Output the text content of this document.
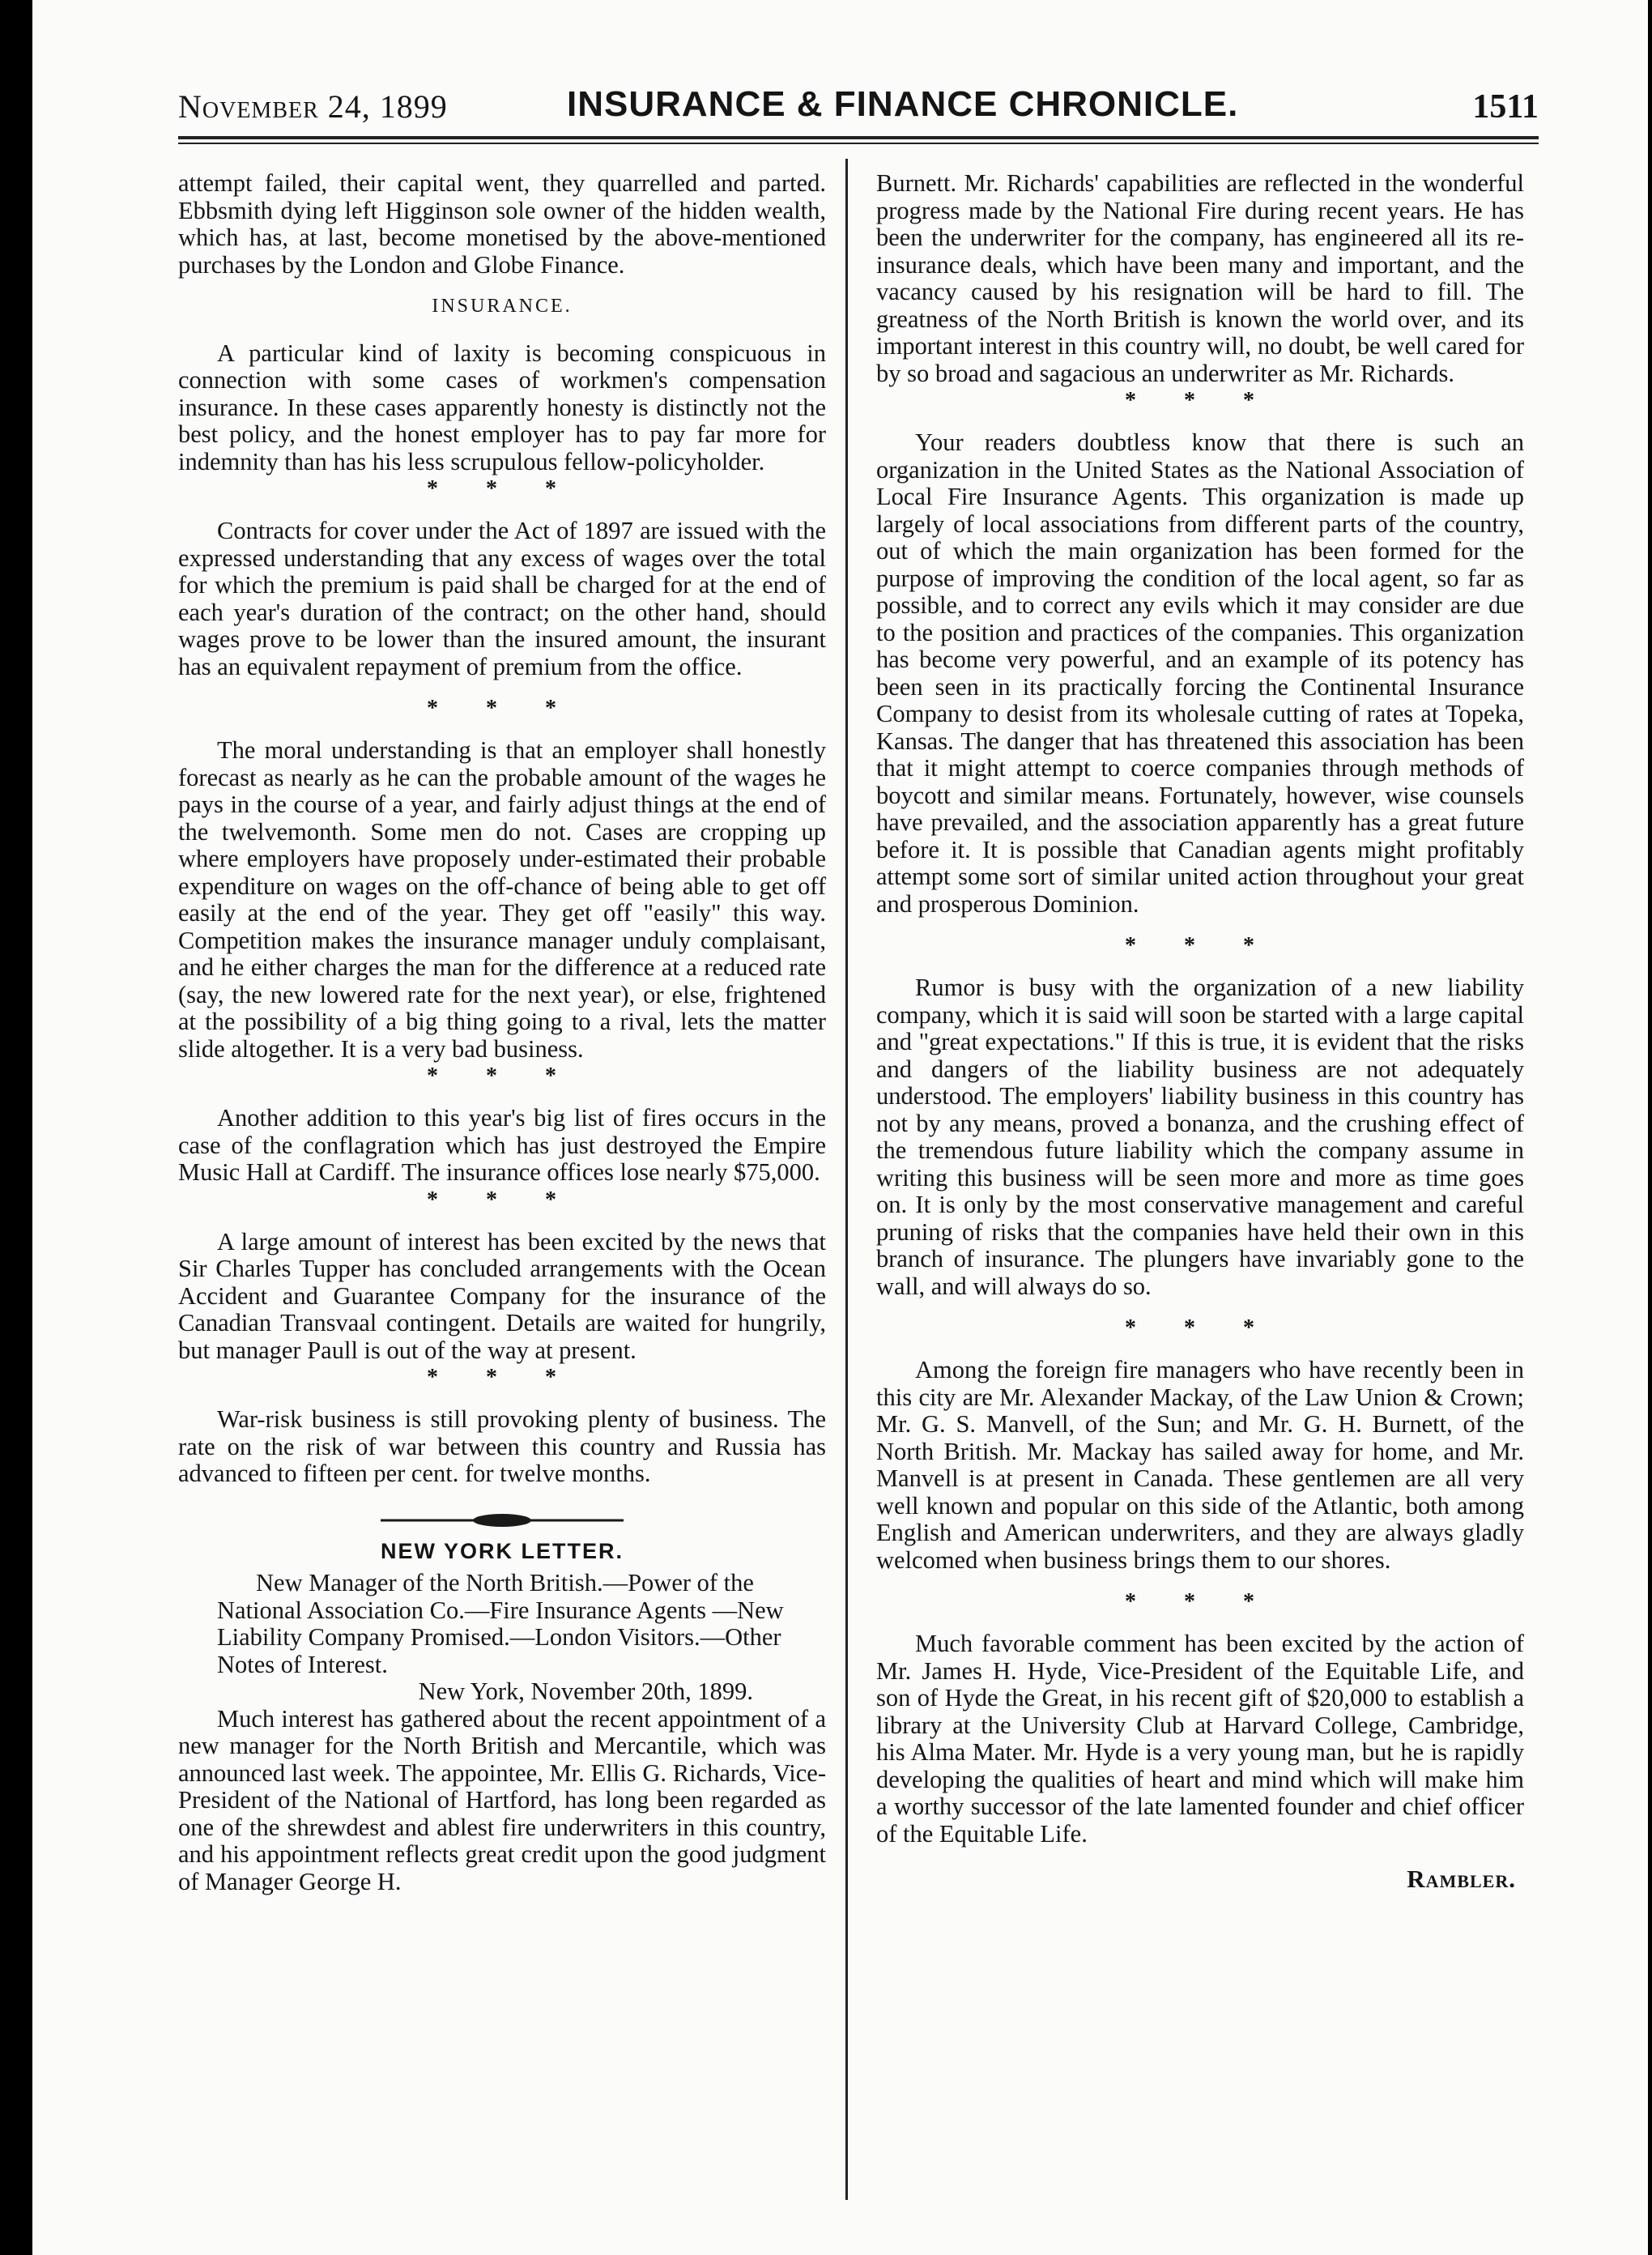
November 24, 1899	INSURANCE & FINANCE CHRONICLE.	1511

attempt failed, their capital went, they quarrelled and parted. Ebbsmith dying left Higginson sole owner of the hidden wealth, which has, at last, become monetised by the above-mentioned purchases by the London and Globe Finance.

INSURANCE.

A particular kind of laxity is becoming conspicuous in connection with some cases of workmen's compensation insurance. In these cases apparently honesty is distinctly not the best policy, and the honest employer has to pay far more for indemnity than has his less scrupulous fellow-policyholder.

* * *

Contracts for cover under the Act of 1897 are issued with the expressed understanding that any excess of wages over the total for which the premium is paid shall be charged for at the end of each year's duration of the contract; on the other hand, should wages prove to be lower than the insured amount, the insurant has an equivalent repayment of premium from the office.

* * *

The moral understanding is that an employer shall honestly forecast as nearly as he can the probable amount of the wages he pays in the course of a year, and fairly adjust things at the end of the twelvemonth. Some men do not. Cases are cropping up where employers have proposely under-estimated their probable expenditure on wages on the off-chance of being able to get off easily at the end of the year. They get off "easily" this way. Competition makes the insurance manager unduly complaisant, and he either charges the man for the difference at a reduced rate (say, the new lowered rate for the next year), or else, frightened at the possibility of a big thing going to a rival, lets the matter slide altogether. It is a very bad business.

* * *

Another addition to this year's big list of fires occurs in the case of the conflagration which has just destroyed the Empire Music Hall at Cardiff. The insurance offices lose nearly $75,000.

* * *

A large amount of interest has been excited by the news that Sir Charles Tupper has concluded arrangements with the Ocean Accident and Guarantee Company for the insurance of the Canadian Transvaal contingent. Details are waited for hungrily, but manager Paull is out of the way at present.

* * *

War-risk business is still provoking plenty of business. The rate on the risk of war between this country and Russia has advanced to fifteen per cent. for twelve months.

NEW YORK LETTER.

New Manager of the North British.—Power of the National Association Co.—Fire Insurance Agents —New Liability Company Promised.—London Visitors.—Other Notes of Interest.

New York, November 20th, 1899.

Much interest has gathered about the recent appointment of a new manager for the North British and Mercantile, which was announced last week. The appointee, Mr. Ellis G. Richards, Vice-President of the National of Hartford, has long been regarded as one of the shrewdest and ablest fire underwriters in this country, and his appointment reflects great credit upon the good judgment of Manager George H.

Burnett. Mr. Richards' capabilities are reflected in the wonderful progress made by the National Fire during recent years. He has been the underwriter for the company, has engineered all its re-insurance deals, which have been many and important, and the vacancy caused by his resignation will be hard to fill. The greatness of the North British is known the world over, and its important interest in this country will, no doubt, be well cared for by so broad and sagacious an underwriter as Mr. Richards.

* * *

Your readers doubtless know that there is such an organization in the United States as the National Association of Local Fire Insurance Agents. This organization is made up largely of local associations from different parts of the country, out of which the main organization has been formed for the purpose of improving the condition of the local agent, so far as possible, and to correct any evils which it may consider are due to the position and practices of the companies. This organization has become very powerful, and an example of its potency has been seen in its practically forcing the Continental Insurance Company to desist from its wholesale cutting of rates at Topeka, Kansas. The danger that has threatened this association has been that it might attempt to coerce companies through methods of boycott and similar means. Fortunately, however, wise counsels have prevailed, and the association apparently has a great future before it. It is possible that Canadian agents might profitably attempt some sort of similar united action throughout your great and prosperous Dominion.

* * *

Rumor is busy with the organization of a new liability company, which it is said will soon be started with a large capital and "great expectations." If this is true, it is evident that the risks and dangers of the liability business are not adequately understood. The employers' liability business in this country has not by any means, proved a bonanza, and the crushing effect of the tremendous future liability which the company assume in writing this business will be seen more and more as time goes on. It is only by the most conservative management and careful pruning of risks that the companies have held their own in this branch of insurance. The plungers have invariably gone to the wall, and will always do so.

* * *

Among the foreign fire managers who have recently been in this city are Mr. Alexander Mackay, of the Law Union & Crown; Mr. G. S. Manvell, of the Sun; and Mr. G. H. Burnett, of the North British. Mr. Mackay has sailed away for home, and Mr. Manvell is at present in Canada. These gentlemen are all very well known and popular on this side of the Atlantic, both among English and American underwriters, and they are always gladly welcomed when business brings them to our shores.

* * *

Much favorable comment has been excited by the action of Mr. James H. Hyde, Vice-President of the Equitable Life, and son of Hyde the Great, in his recent gift of $20,000 to establish a library at the University Club at Harvard College, Cambridge, his Alma Mater. Mr. Hyde is a very young man, but he is rapidly developing the qualities of heart and mind which will make him a worthy successor of the late lamented founder and chief officer of the Equitable Life.

Rambler.
